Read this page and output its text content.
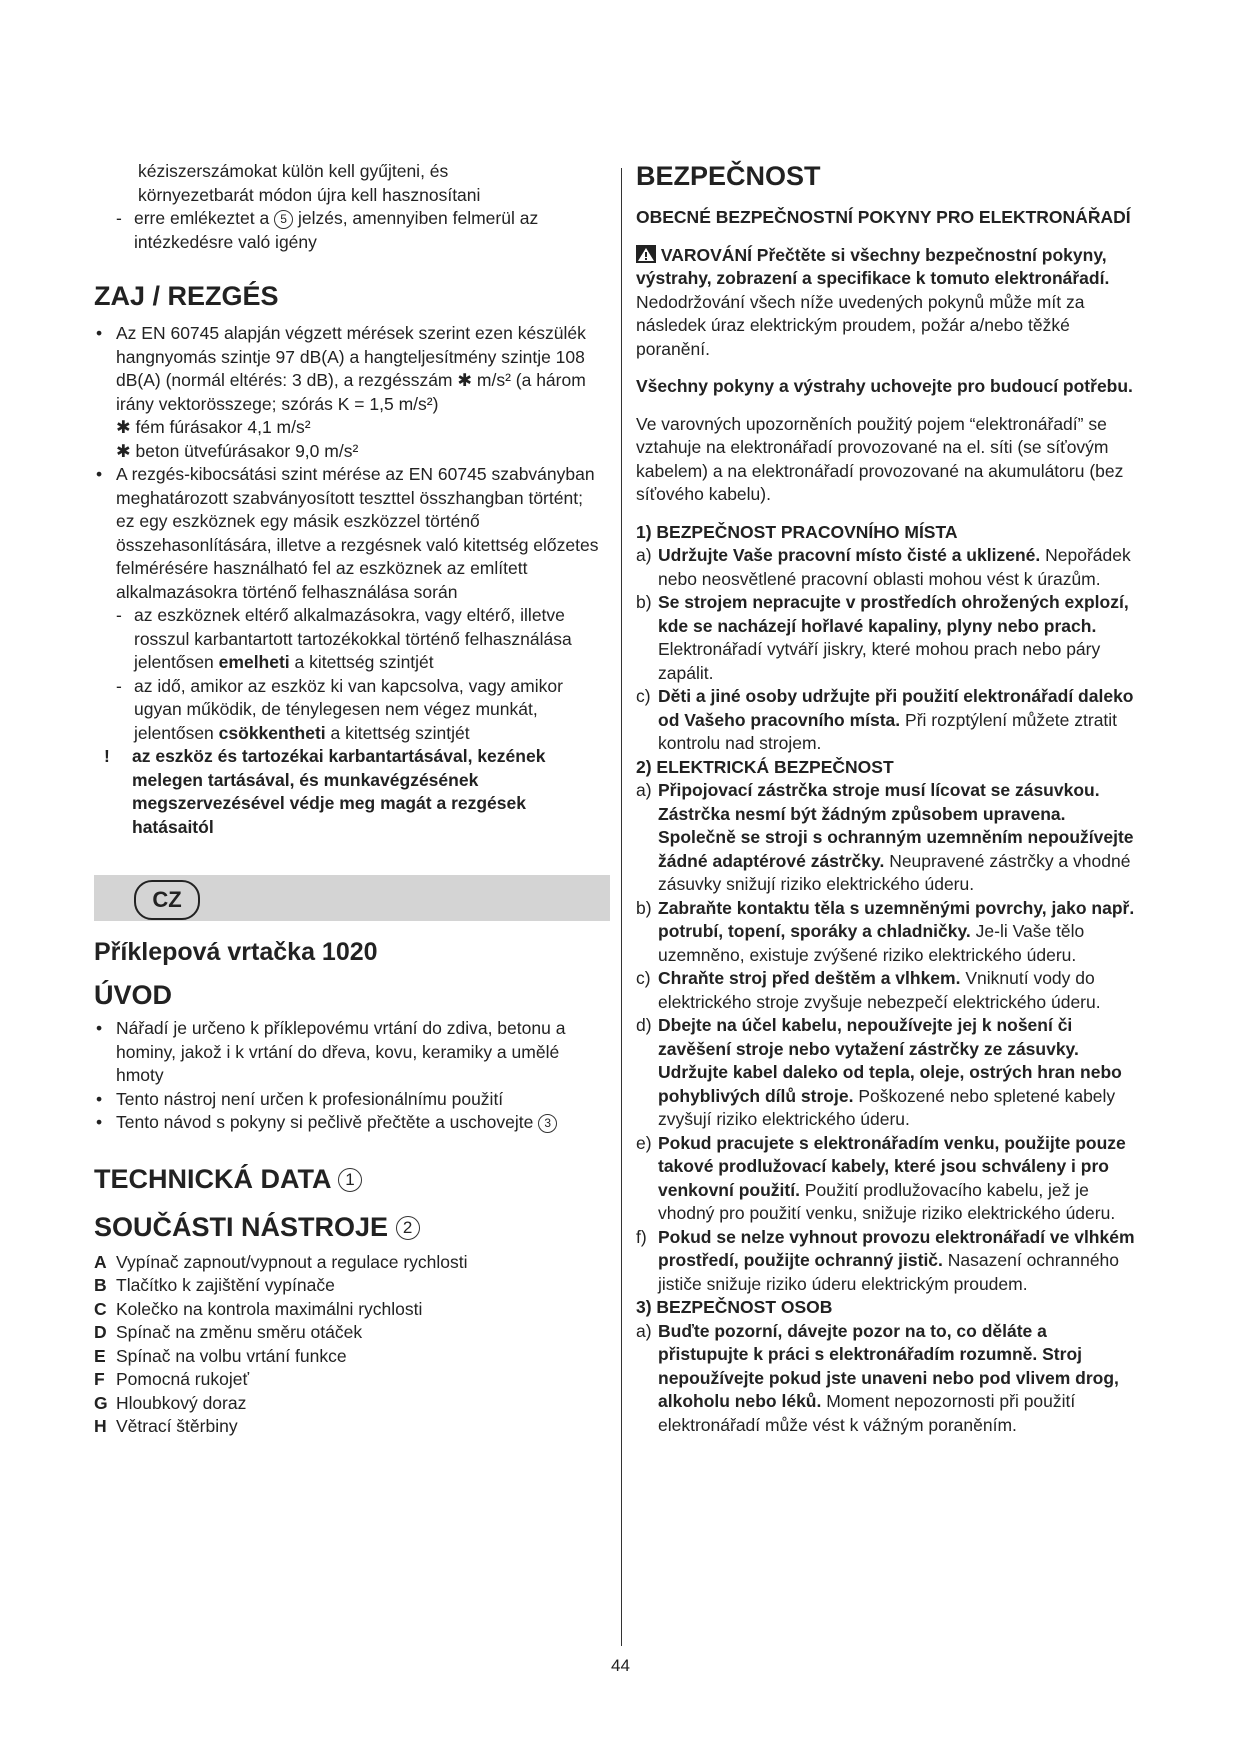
kéziszerszámokat külön kell gyűjteni, és

környezetbarát módon újra kell hasznosítani

- erre emlékeztet a 5 jelzés, amennyiben felmerül az intézkedésre való igény
ZAJ / REZGÉS
• Az EN 60745 alapján végzett mérések szerint ezen készülék hangnyomás szintje 97 dB(A) a hangteljesítmény szintje 108 dB(A) (normál eltérés: 3 dB), a rezgésszám ✱ m/s² (a három irány vektorösszege; szórás K = 1,5 m/s²)
✱ fém fúrásakor 4,1 m/s²
✱ beton ütvefúrásakor 9,0 m/s²
• A rezgés-kibocsátási szint mérése az EN 60745 szabványban meghatározott szabványosított teszttel összhangban történt; ez egy eszköznek egy másik eszközzel történő összehasonlítására, illetve a rezgésnek való kitettség előzetes felmérésére használható fel az eszköznek az említett alkalmazásokra történő felhasználása során
- az eszköznek eltérő alkalmazásokra, vagy eltérő, illetve rosszul karbantartott tartozékokkal történő felhasználása jelentősen emelheti a kitettség szintjét
- az idő, amikor az eszköz ki van kapcsolva, vagy amikor ugyan működik, de ténylegesen nem végez munkát, jelentősen csökkentheti a kitettség szintjét
! az eszköz és tartozékai karbantartásával, kezének melegen tartásával, és munkavégzésének megszervezésével védje meg magát a rezgések hatásaitól
CZ
Příklepová vrtačka 1020
ÚVOD
• Nářadí je určeno k příklepovému vrtání do zdiva, betonu a hominy, jakož i k vrtání do dřeva, kovu, keramiky a umělé hmoty
• Tento nástroj není určen k profesionálnímu použití
• Tento návod s pokyny si pečlivě přečtěte a uschovejte 3
TECHNICKÁ DATA 1
SOUČÁSTI NÁSTROJE 2
A Vypínač zapnout/vypnout a regulace rychlosti
B Tlačítko k zajištění vypínače
C Kolečko na kontrola maximálni rychlosti
D Spínač na změnu směru otáček
E Spínač na volbu vrtání funkce
F Pomocná rukojeť
G Hloubkový doraz
H Větrací štěrbiny
BEZPEČNOST

OBECNÉ BEZPEČNOSTNÍ POKYNY PRO ELEKTRONÁŘADÍ

VAROVÁNÍ Přečtěte si všechny bezpečnostní pokyny, výstrahy, zobrazení a specifikace k tomuto elektronářadí. Nedodržování všech níže uvedených pokynů může mít za následek úraz elektrickým proudem, požár a/nebo těžké poranění.

Všechny pokyny a výstrahy uchovejte pro budoucí potřebu.

Ve varovných upozorněních použitý pojem “elektronářadí” se vztahuje na elektronářadí provozované na el. síti (se síťovým kabelem) a na elektronářadí provozované na akumulátoru (bez síťového kabelu).

1) BEZPEČNOST PRACOVNÍHO MÍSTA

a) Udržujte Vaše pracovní místo čisté a uklizené. Nepořádek nebo neosvětlené pracovní oblasti mohou vést k úrazům.
b) Se strojem nepracujte v prostředích ohrožených explozí, kde se nacházejí hořlavé kapaliny, plyny nebo prach. Elektronářadí vytváří jiskry, které mohou prach nebo páry zapálit.
c) Děti a jiné osoby udržujte při použití elektronářadí daleko od Vašeho pracovního místa. Při rozptýlení můžete ztratit kontrolu nad strojem.

2) ELEKTRICKÁ BEZPEČNOST

a) Připojovací zástrčka stroje musí lícovat se zásuvkou. Zástrčka nesmí být žádným způsobem upravena. Společně se stroji s ochranným uzemněním nepoužívejte žádné adaptérové zástrčky. Neupravené zástrčky a vhodné zásuvky snižují riziko elektrického úderu.
b) Zabraňte kontaktu těla s uzemněnými povrchy, jako např. potrubí, topení, sporáky a chladničky. Je-li Vaše tělo uzemněno, existuje zvýšené riziko elektrického úderu.
c) Chraňte stroj před deštěm a vlhkem. Vniknutí vody do elektrického stroje zvyšuje nebezpečí elektrického úderu.
d) Dbejte na účel kabelu, nepoužívejte jej k nošení či zavěšení stroje nebo vytažení zástrčky ze zásuvky. Udržujte kabel daleko od tepla, oleje, ostrých hran nebo pohyblivých dílů stroje. Poškozené nebo spletené kabely zvyšují riziko elektrického úderu.
e) Pokud pracujete s elektronářadím venku, použijte pouze takové prodlužovací kabely, které jsou schváleny i pro venkovní použití. Použití prodlužovacího kabelu, jež je vhodný pro použití venku, snižuje riziko elektrického úderu.
f) Pokud se nelze vyhnout provozu elektronářadí ve vlhkém prostředí, použijte ochranný jistič. Nasazení ochranného jističe snižuje riziko úderu elektrickým proudem.

3) BEZPEČNOST OSOB

a) Buďte pozorní, dávejte pozor na to, co děláte a přistupujte k práci s elektronářadím rozumně. Stroj nepoužívejte pokud jste unaveni nebo pod vlivem drog, alkoholu nebo léků. Moment nepozornosti při použití elektronářadí může vést k vážným poraněním.
44
